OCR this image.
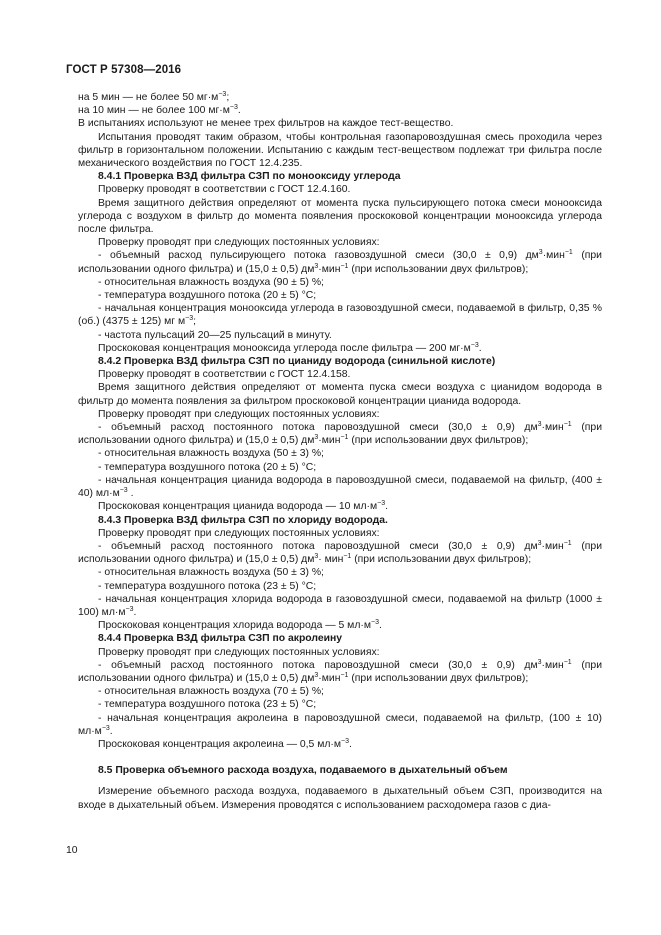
ГОСТ Р 57308—2016

на 5 мин — не более 50 $мг\cdot м^{-3}$;

на 10 мин — не более 100 $мг\cdot м^{-3}$.

В испытаниях используют не менее трех фильтров на каждое тест-вещество.

Испытания проводят таким образом, чтобы контрольная газопаровоздушная смесь проходила через фильтр в горизонтальном положении. Испытанию с каждым тест-веществом подлежат три фильтра после механического воздействия по ГОСТ 12.4.235.

8.4.1 Проверка ВЗД фильтра СЗП по монооксиду углерода

Проверку проводят в соответствии с ГОСТ 12.4.160.

Время защитного действия определяют от момента пуска пульсирующего потока смеси монооксида углерода с воздухом в фильтр до момента появления проскоковой концентрации монооксида углерода после фильтра.

Проверку проводят при следующих постоянных условиях:

- объемный расход пульсирующего потока газовоздушной смеси (30,0 ± 0,9) $дм^3\cdot мин^{-1}$ (при использовании одного фильтра) и (15,0 ± 0,5) $дм^3\cdot мин^{-1}$ (при использовании двух фильтров);

- относительная влажность воздуха (90 ± 5) %;

- температура воздушного потока (20 ± 5) °С;

- начальная концентрация монооксида углерода в газовоздушной смеси, подаваемой в фильтр, 0,35 % (об.) (4375 ± 125) мг $м^{-3}$;

- частота пульсаций 20—25 пульсаций в минуту.

Проскоковая концентрация монооксида углерода после фильтра — 200 $мг\cdot м^{-3}$.

8.4.2 Проверка ВЗД фильтра СЗП по цианиду водорода (синильной кислоте)

Проверку проводят в соответствии с ГОСТ 12.4.158.

Время защитного действия определяют от момента пуска смеси воздуха с цианидом водорода в фильтр до момента появления за фильтром проскоковой концентрации цианида водорода.

Проверку проводят при следующих постоянных условиях:

- объемный расход постоянного потока паровоздушной смеси (30,0 ± 0,9) $дм^3\cdot мин^{-1}$ (при использовании одного фильтра) и (15,0 ± 0,5) $дм^3\cdot мин^{-1}$ (при использовании двух фильтров);

- относительная влажность воздуха (50 ± 3) %;

- температура воздушного потока (20 ± 5) °С;

- начальная концентрация цианида водорода в паровоздушной смеси, подаваемой на фильтр, (400 ± 40) $мл\cdot м^{-3}$ .

Проскоковая концентрация цианида водорода — 10 $мл\cdot м^{-3}$.

8.4.3 Проверка ВЗД фильтра СЗП по хлориду водорода.

Проверку проводят при следующих постоянных условиях:

- объемный расход постоянного потока паровоздушной смеси (30,0 ± 0,9) $дм^3\cdot мин^{-1}$ (при использовании одного фильтра) и (15,0 ± 0,5) $дм^3\cdot мин^{-1}$ (при использовании двух фильтров);

- относительная влажность воздуха (50 ± 3) %;

- температура воздушного потока (23 ± 5) °С;

- начальная концентрация хлорида водорода в газовоздушной смеси, подаваемой на фильтр (1000 ± 100) $мл\cdot м^{-3}$.

Проскоковая концентрация хлорида водорода — 5 $мл\cdot м^{-3}$.

8.4.4 Проверка ВЗД фильтра СЗП по акролеину

Проверку проводят при следующих постоянных условиях:

- объемный расход постоянного потока паровоздушной смеси (30,0 ± 0,9) $дм^3\cdot мин^{-1}$ (при использовании одного фильтра) и (15,0 ± 0,5) $дм^3\cdot мин^{-1}$ (при использовании двух фильтров);

- относительная влажность воздуха (70 ± 5) %;

- температура воздушного потока (23 ± 5) °С;

- начальная концентрация акролеина в паровоздушной смеси, подаваемой на фильтр, (100 ± 10) $мл\cdot м^{-3}$.

Проскоковая концентрация акролеина — 0,5 $мл\cdot м^{-3}$.

8.5 Проверка объемного расхода воздуха, подаваемого в дыхательный объем

Измерение объемного расхода воздуха, подаваемого в дыхательный объем СЗП, производится на входе в дыхательный объем. Измерения проводятся с использованием расходомера газов с диа-

10
